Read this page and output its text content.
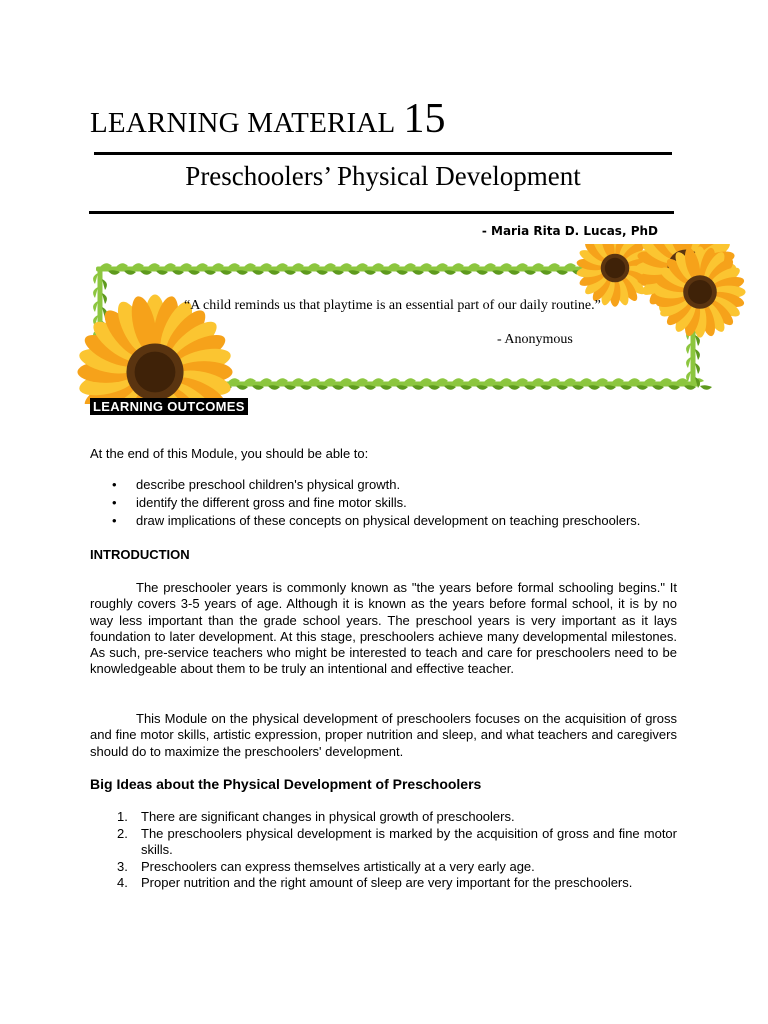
LEARNING MATERIAL 15
Preschoolers’ Physical Development
- Maria Rita D. Lucas, PhD
“A child reminds us that playtime is an essential part of our daily routine.”
- Anonymous
LEARNING OUTCOMES
At the end of this Module, you should be able to:
• describe preschool children's physical growth.
• identify the different gross and fine motor skills.
• draw implications of these concepts on physical development on teaching preschoolers.
INTRODUCTION

The preschooler years is commonly known as "the years before formal schooling begins." It roughly covers 3-5 years of age. Although it is known as the years before formal school, it is by no way less important than the grade school years. The preschool years is very important as it lays foundation to later development. At this stage, preschoolers achieve many developmental milestones. As such, pre-service teachers who might be interested to teach and care for preschoolers need to be knowledgeable about them to be truly an intentional and effective teacher.

This Module on the physical development of preschoolers focuses on the acquisition of gross and fine motor skills, artistic expression, proper nutrition and sleep, and what teachers and caregivers should do to maximize the preschoolers' development.

Big Ideas about the Physical Development of Preschoolers
1. There are significant changes in physical growth of preschoolers.
2. The preschoolers physical development is marked by the acquisition of gross and fine motor skills.
3. Preschoolers can express themselves artistically at a very early age.
4. Proper nutrition and the right amount of sleep are very important for the preschoolers.
